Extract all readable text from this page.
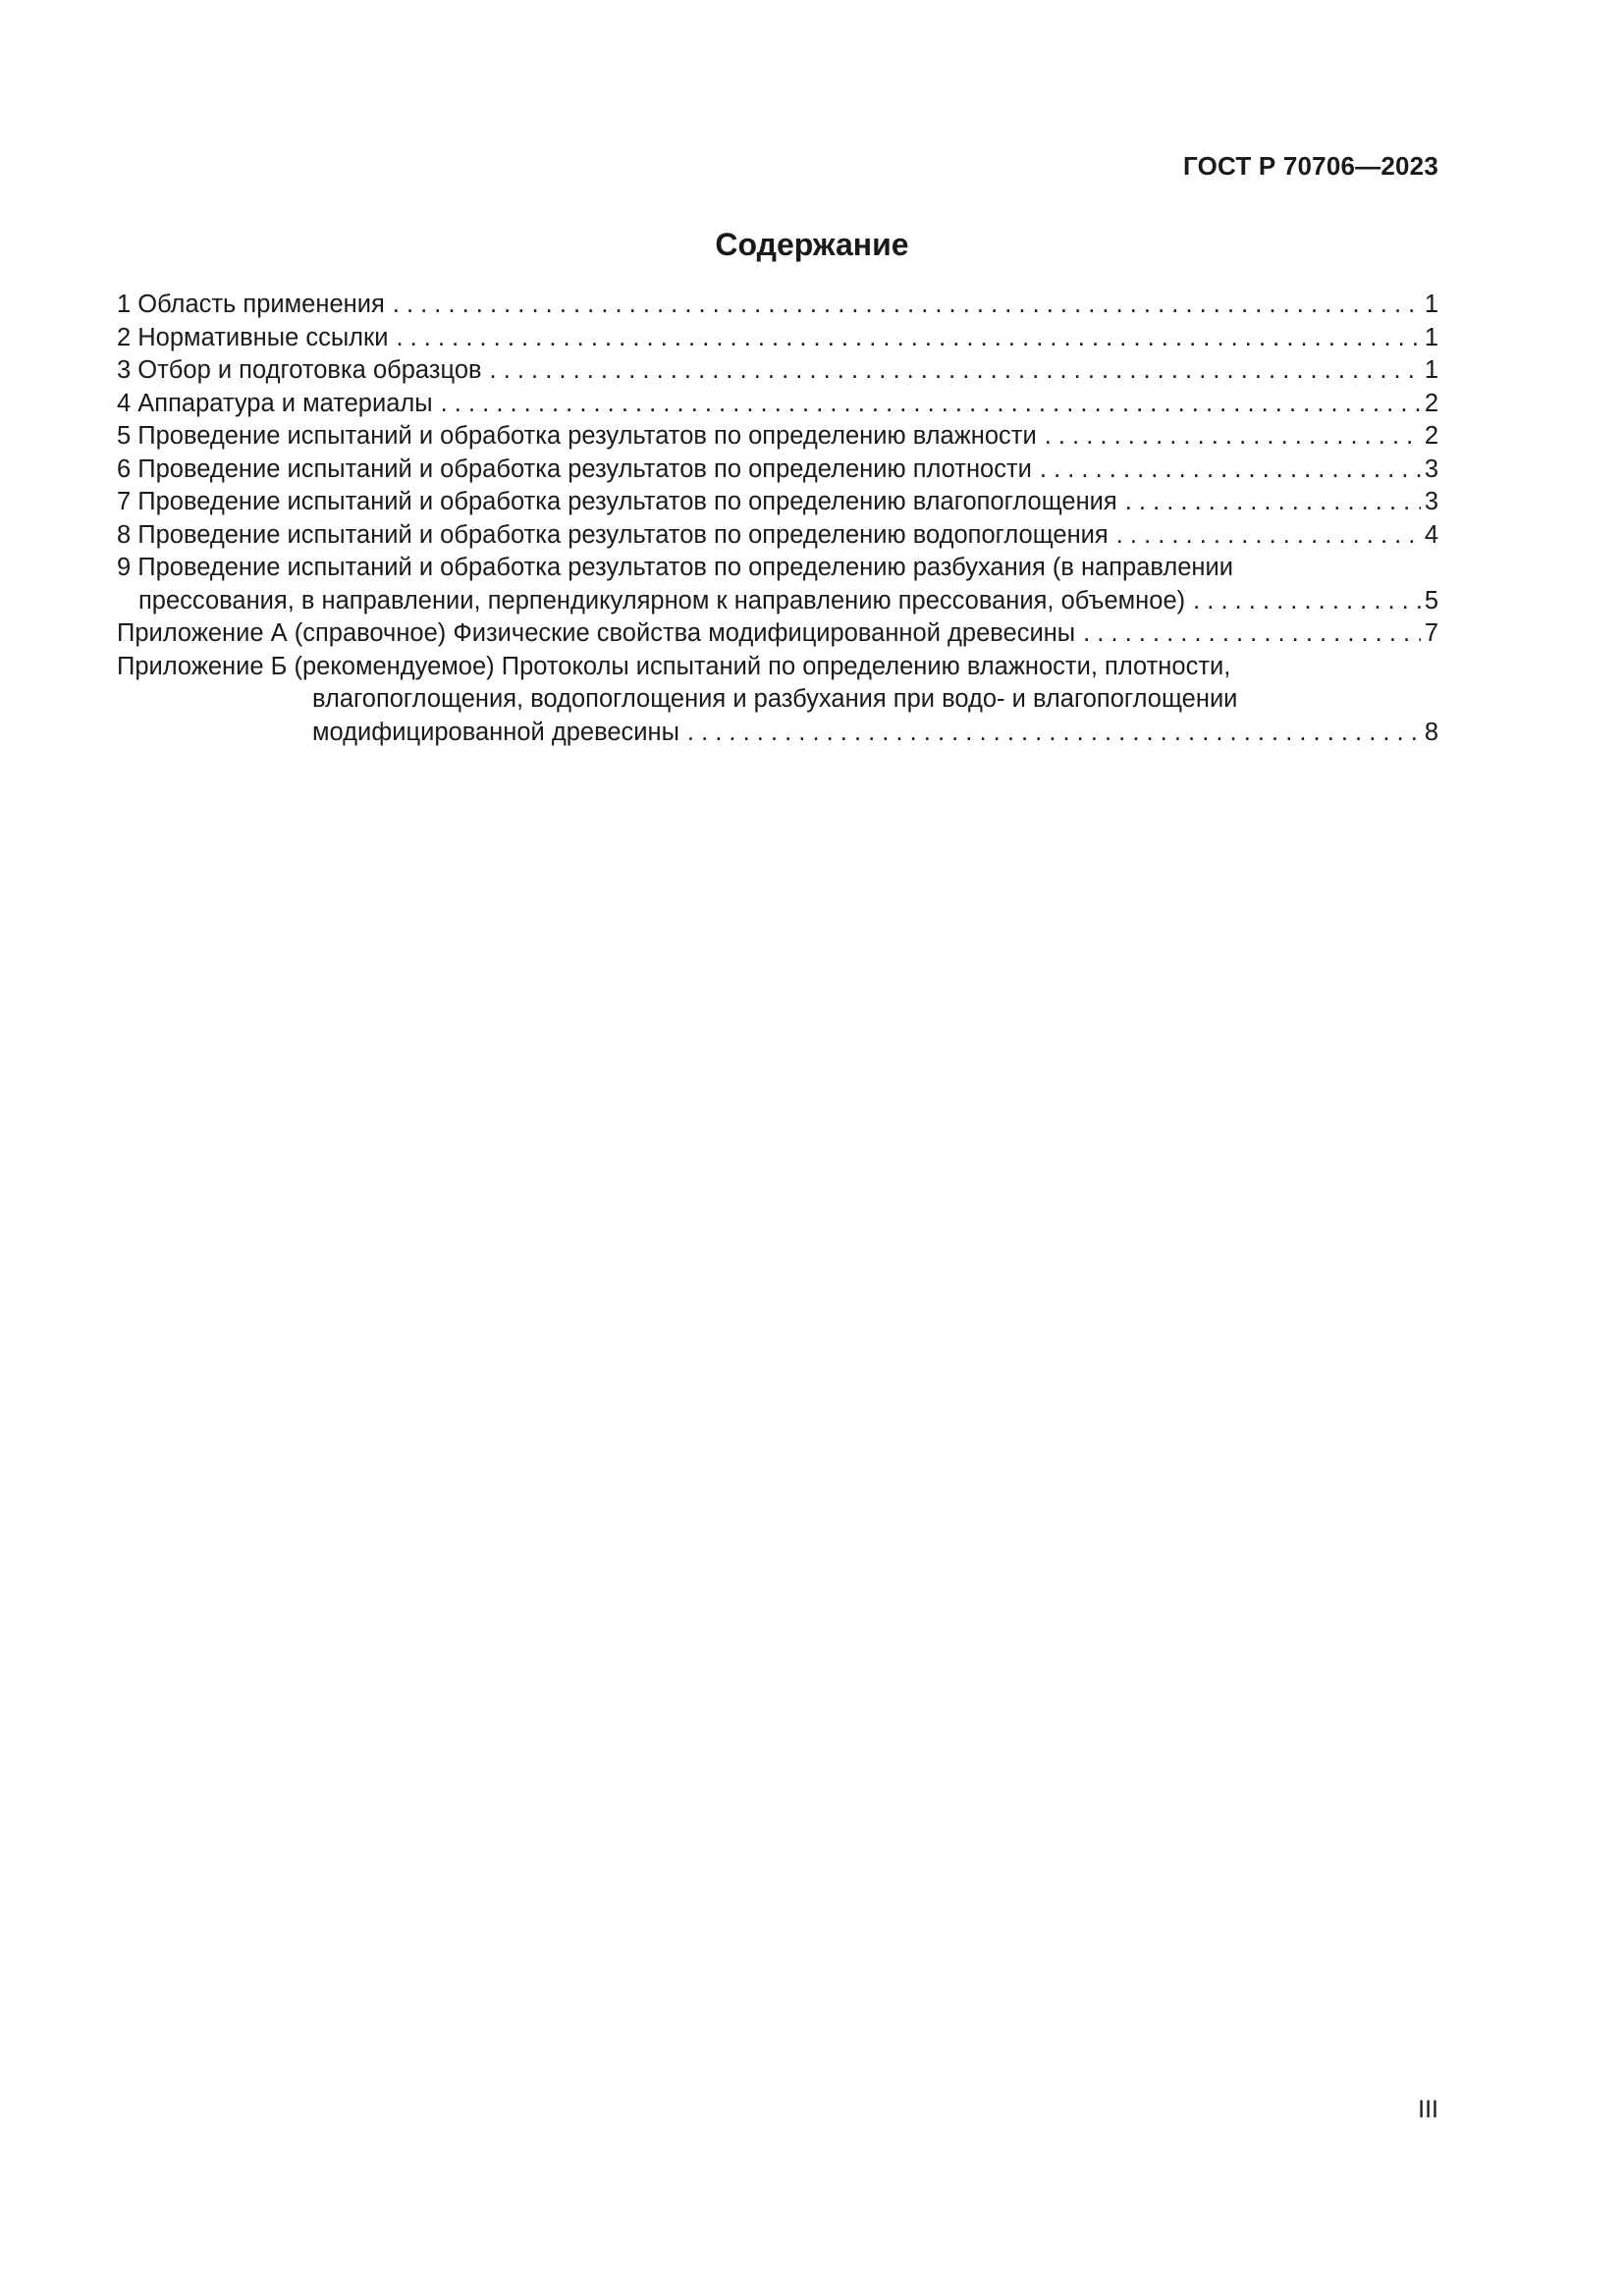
ГОСТ Р 70706—2023
Содержание
1 Область применения . . .	1
2 Нормативные ссылки . . .	1
3 Отбор и подготовка образцов . . .	1
4 Аппаратура и материалы . . .	2
5 Проведение испытаний и обработка результатов по определению влажности . . .	2
6 Проведение испытаний и обработка результатов по определению плотности . . .	3
7 Проведение испытаний и обработка результатов по определению влагопоглощения . . .	3
8 Проведение испытаний и обработка результатов по определению водопоглощения . . .	4
9 Проведение испытаний и обработка результатов по определению разбухания (в направлении
прессования, в направлении, перпендикулярном к направлению прессования, объемное) . . .	5
Приложение А (справочное) Физические свойства модифицированной древесины . . .	7
Приложение Б (рекомендуемое) Протоколы испытаний по определению влажности, плотности,
влагопоглощения, водопоглощения и разбухания при водо- и влагопоглощении
модифицированной древесины . . .	8
III
